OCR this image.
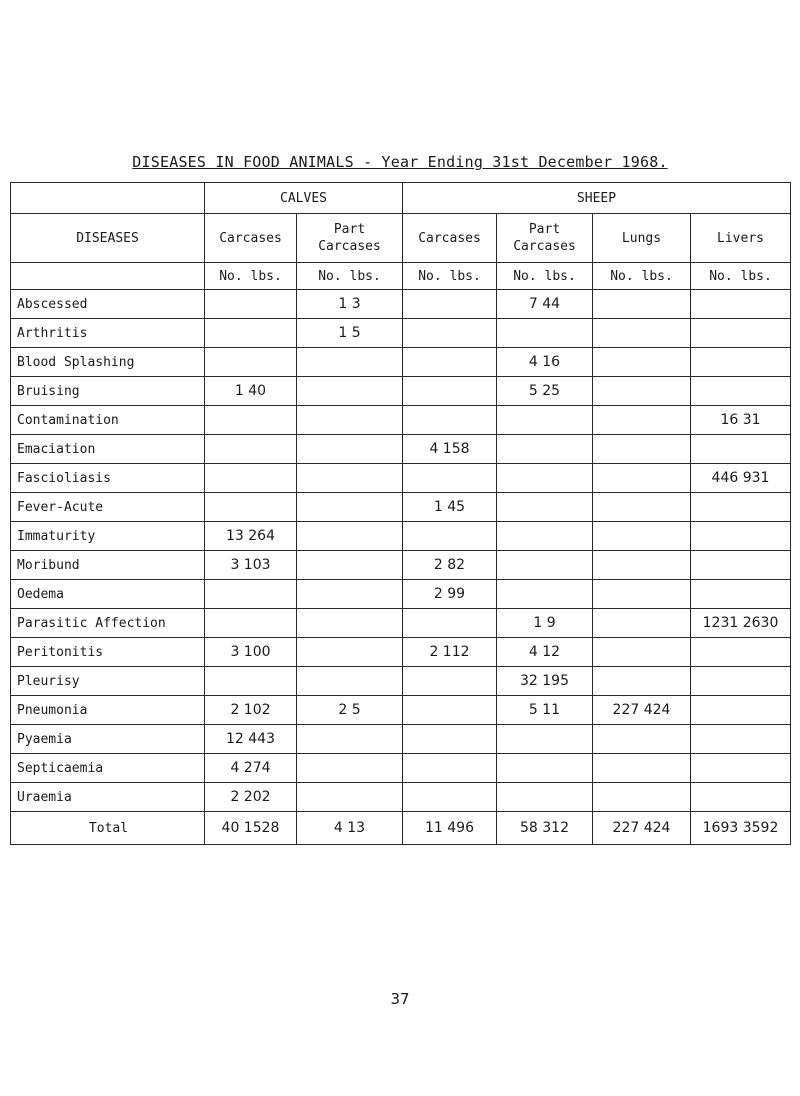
DISEASES IN FOOD ANIMALS - Year Ending 31st December 1968.
	CALVES		SHEEP			
DISEASES	Carcases	Part Carcases	Carcases	Part Carcases	Lungs	Livers
	No. lbs.	No. lbs.	No. lbs.	No. lbs.	No. lbs.	No. lbs.
Abscessed		1 3		7 44		
Arthritis		1 5				
Blood Splashing				4 16		
Bruising	1 40			5 25		
Contamination						16 31
Emaciation			4 158			
Fascioliasis						446 931
Fever-Acute			1 45			
Immaturity	13 264					
Moribund	3 103		2 82			
Oedema			2 99			
Parasitic Affection				1 9		1231 2630
Peritonitis	3 100		2 112	4 12		
Pleurisy				32 195		
Pneumonia	2 102	2 5		5 11	227 424	
Pyaemia	12 443					
Septicaemia	4 274					
Uraemia	2 202					
Total	40 1528	4 13	11 496	58 312	227 424	1693 3592
37
